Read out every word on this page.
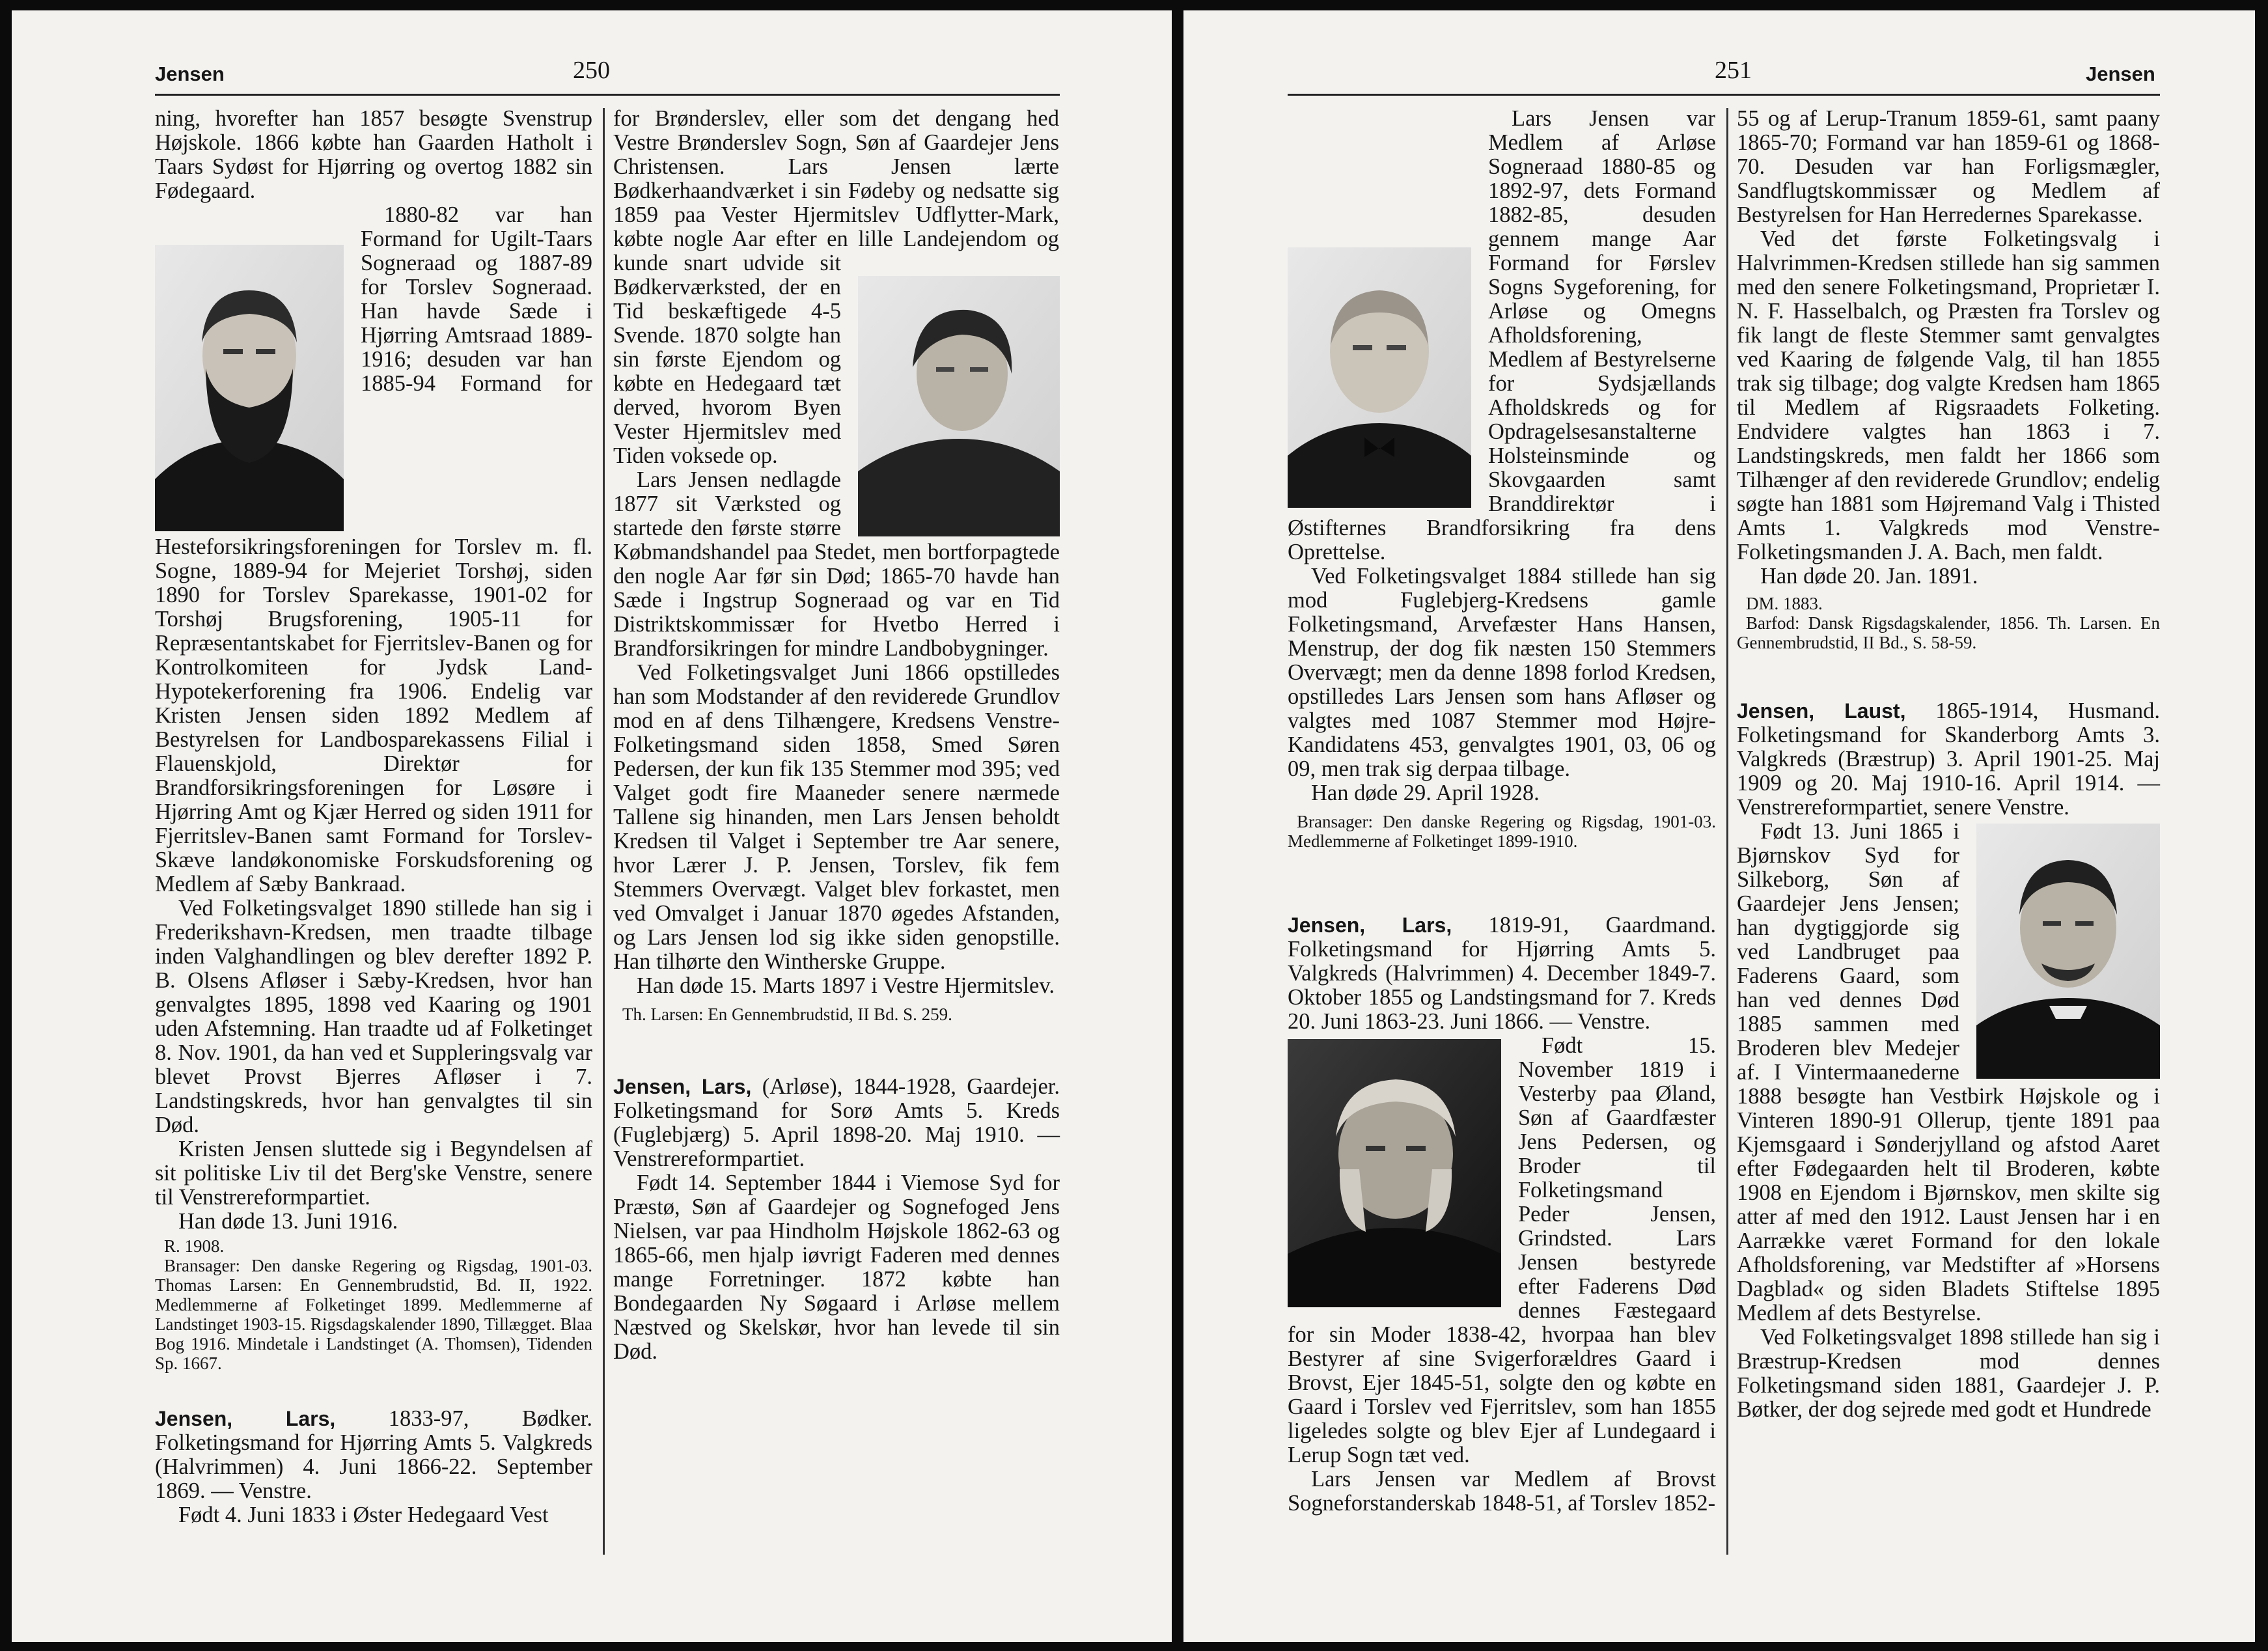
Jensen	250

ning, hvorefter han 1857 besøgte Svenstrup Højskole. 1866 købte han Gaarden Hatholt i Taars Sydøst for Hjørring og overtog 1882 sin Fødegaard.

1880-82 var han Formand for Ugilt-Taars Sogneraad og 1887-89 for Torslev Sogneraad. Han havde Sæde i Hjørring Amtsraad 1889-1916; desuden var han 1885-94 Formand for Hesteforsikringsforeningen for Torslev m. fl. Sogne, 1889-94 for Mejeriet Torshøj, siden 1890 for Torslev Sparekasse, 1901-02 for Torshøj Brugsforening, 1905-11 for Repræsentantskabet for Fjerritslev-Banen og for Kontrolkomiteen for Jydsk Land-Hypotekerforening fra 1906. Endelig var Kristen Jensen siden 1892 Medlem af Bestyrelsen for Landbosparekassens Filial i Flauenskjold, Direktør for Brandforsikringsforeningen for Løsøre i Hjørring Amt og Kjær Herred og siden 1911 for Fjerritslev-Banen samt Formand for Torslev-Skæve landøkonomiske Forskudsforening og Medlem af Sæby Bankraad.

Ved Folketingsvalget 1890 stillede han sig i Frederikshavn-Kredsen, men traadte tilbage inden Valghandlingen og blev derefter 1892 P. B. Olsens Afløser i Sæby-Kredsen, hvor han genvalgtes 1895, 1898 ved Kaaring og 1901 uden Afstemning. Han traadte ud af Folketinget 8. Nov. 1901, da han ved et Suppleringsvalg var blevet Provst Bjerres Afløser i 7. Landstingskreds, hvor han genvalgtes til sin Død.

Kristen Jensen sluttede sig i Begyndelsen af sit politiske Liv til det Berg'ske Venstre, senere til Venstrereformpartiet.

Han døde 13. Juni 1916.

R. 1908.

Bransager: Den danske Regering og Rigsdag, 1901-03. Thomas Larsen: En Gennembrudstid, Bd. II, 1922. Medlemmerne af Folketinget 1899. Medlemmerne af Landstinget 1903-15. Rigsdagskalender 1890, Tillægget. Blaa Bog 1916. Mindetale i Landstinget (A. Thomsen), Tidenden Sp. 1667.

Jensen, Lars, 1833-97, Bødker. Folketingsmand for Hjørring Amts 5. Valgkreds (Halvrimmen) 4. Juni 1866-22. September 1869. — Venstre.

Født 4. Juni 1833 i Øster Hedegaard Vest

for Brønderslev, eller som det dengang hed Vestre Brønderslev Sogn, Søn af Gaardejer Jens Christensen. Lars Jensen lærte Bødkerhaandværket i sin Fødeby og nedsatte sig 1859 paa Vester Hjermitslev Udflytter-Mark, købte nogle Aar efter en lille Landejendom og kunde snart udvide sit Bødkerværksted, der en Tid beskæftigede 4-5 Svende. 1870 solgte han sin første Ejendom og købte en Hedegaard tæt derved, hvorom Byen Vester Hjermitslev med Tiden voksede op.

Lars Jensen nedlagde 1877 sit Værksted og startede den første større Købmandshandel paa Stedet, men bortforpagtede den nogle Aar før sin Død; 1865-70 havde han Sæde i Ingstrup Sogneraad og var en Tid Distriktskommissær for Hvetbo Herred i Brandforsikringen for mindre Landbobygninger.

Ved Folketingsvalget Juni 1866 opstilledes han som Modstander af den reviderede Grundlov mod en af dens Tilhængere, Kredsens Venstre-Folketingsmand siden 1858, Smed Søren Pedersen, der kun fik 135 Stemmer mod 395; ved Valget godt fire Maaneder senere nærmede Tallene sig hinanden, men Lars Jensen beholdt Kredsen til Valget i September tre Aar senere, hvor Lærer J. P. Jensen, Torslev, fik fem Stemmers Overvægt. Valget blev forkastet, men ved Omvalget i Januar 1870 øgedes Afstanden, og Lars Jensen lod sig ikke siden genopstille. Han tilhørte den Wintherske Gruppe.

Han døde 15. Marts 1897 i Vestre Hjermitslev.

Th. Larsen: En Gennembrudstid, II Bd. S. 259.

Jensen, Lars, (Arløse), 1844-1928, Gaardejer. Folketingsmand for Sorø Amts 5. Kreds (Fuglebjærg) 5. April 1898-20. Maj 1910. — Venstrereformpartiet.

Født 14. September 1844 i Viemose Syd for Præstø, Søn af Gaardejer og Sognefoged Jens Nielsen, var paa Hindholm Højskole 1862-63 og 1865-66, men hjalp iøvrigt Faderen med dennes mange Forretninger. 1872 købte han Bondegaarden Ny Søgaard i Arløse mellem Næstved og Skelskør, hvor han levede til sin Død.

251	Jensen

Lars Jensen var Medlem af Arløse Sogneraad 1880-85 og 1892-97, dets Formand 1882-85, desuden gennem mange Aar Formand for Førslev Sogns Sygeforening, for Arløse og Omegns Afholdsforening, Medlem af Bestyrelserne for Sydsjællands Afholdskreds og for Opdragelsesanstalterne Holsteinsminde og Skovgaarden samt Branddirektør i Østifternes Brandforsikring fra dens Oprettelse.

Ved Folketingsvalget 1884 stillede han sig mod Fuglebjerg-Kredsens gamle Folketingsmand, Arvefæster Hans Hansen, Menstrup, der dog fik næsten 150 Stemmers Overvægt; men da denne 1898 forlod Kredsen, opstilledes Lars Jensen som hans Afløser og valgtes med 1087 Stemmer mod Højre-Kandidatens 453, genvalgtes 1901, 03, 06 og 09, men trak sig derpaa tilbage.

Han døde 29. April 1928.

Bransager: Den danske Regering og Rigsdag, 1901-03. Medlemmerne af Folketinget 1899-1910.

Jensen, Lars, 1819-91, Gaardmand. Folketingsmand for Hjørring Amts 5. Valgkreds (Halvrimmen) 4. December 1849-7. Oktober 1855 og Landstingsmand for 7. Kreds 20. Juni 1863-23. Juni 1866. — Venstre.

Født 15. November 1819 i Vesterby paa Øland, Søn af Gaardfæster Jens Pedersen, og Broder til Folketingsmand Peder Jensen, Grindsted. Lars Jensen bestyrede efter Faderens Død dennes Fæstegaard for sin Moder 1838-42, hvorpaa han blev Bestyrer af sine Svigerforældres Gaard i Brovst, Ejer 1845-51, solgte den og købte en Gaard i Torslev ved Fjerritslev, som han 1855 ligeledes solgte og blev Ejer af Lundegaard i Lerup Sogn tæt ved.

Lars Jensen var Medlem af Brovst Sogneforstanderskab 1848-51, af Torslev 1852-

55 og af Lerup-Tranum 1859-61, samt paany 1865-70; Formand var han 1859-61 og 1868-70. Desuden var han Forligsmægler, Sandflugtskommissær og Medlem af Bestyrelsen for Han Herredernes Sparekasse.

Ved det første Folketingsvalg i Halvrimmen-Kredsen stillede han sig sammen med den senere Folketingsmand, Proprietær I. N. F. Hasselbalch, og Præsten fra Torslev og fik langt de fleste Stemmer samt genvalgtes ved Kaaring de følgende Valg, til han 1855 trak sig tilbage; dog valgte Kredsen ham 1865 til Medlem af Rigsraadets Folketing. Endvidere valgtes han 1863 i 7. Landstingskreds, men faldt her 1866 som Tilhænger af den reviderede Grundlov; endelig søgte han 1881 som Højremand Valg i Thisted Amts 1. Valgkreds mod Venstre-Folketingsmanden J. A. Bach, men faldt.

Han døde 20. Jan. 1891.

DM. 1883.

Barfod: Dansk Rigsdagskalender, 1856. Th. Larsen. En Gennembrudstid, II Bd., S. 58-59.

Jensen, Laust, 1865-1914, Husmand. Folketingsmand for Skanderborg Amts 3. Valgkreds (Bræstrup) 3. April 1901-25. Maj 1909 og 20. Maj 1910-16. April 1914. — Venstrereformpartiet, senere Venstre.

Født 13. Juni 1865 i Bjørnskov Syd for Silkeborg, Søn af Gaardejer Jens Jensen; han dygtiggjorde sig ved Landbruget paa Faderens Gaard, som han ved dennes Død 1885 sammen med Broderen blev Medejer af. I Vintermaanederne 1888 besøgte han Vestbirk Højskole og i Vinteren 1890-91 Ollerup, tjente 1891 paa Kjemsgaard i Sønderjylland og afstod Aaret efter Fødegaarden helt til Broderen, købte 1908 en Ejendom i Bjørnskov, men skilte sig atter af med den 1912. Laust Jensen har i en Aarrække været Formand for den lokale Afholdsforening, var Medstifter af »Horsens Dagblad« og siden Bladets Stiftelse 1895 Medlem af dets Bestyrelse.

Ved Folketingsvalget 1898 stillede han sig i Bræstrup-Kredsen mod dennes Folketingsmand siden 1881, Gaardejer J. P. Bøtker, der dog sejrede med godt et Hundrede
